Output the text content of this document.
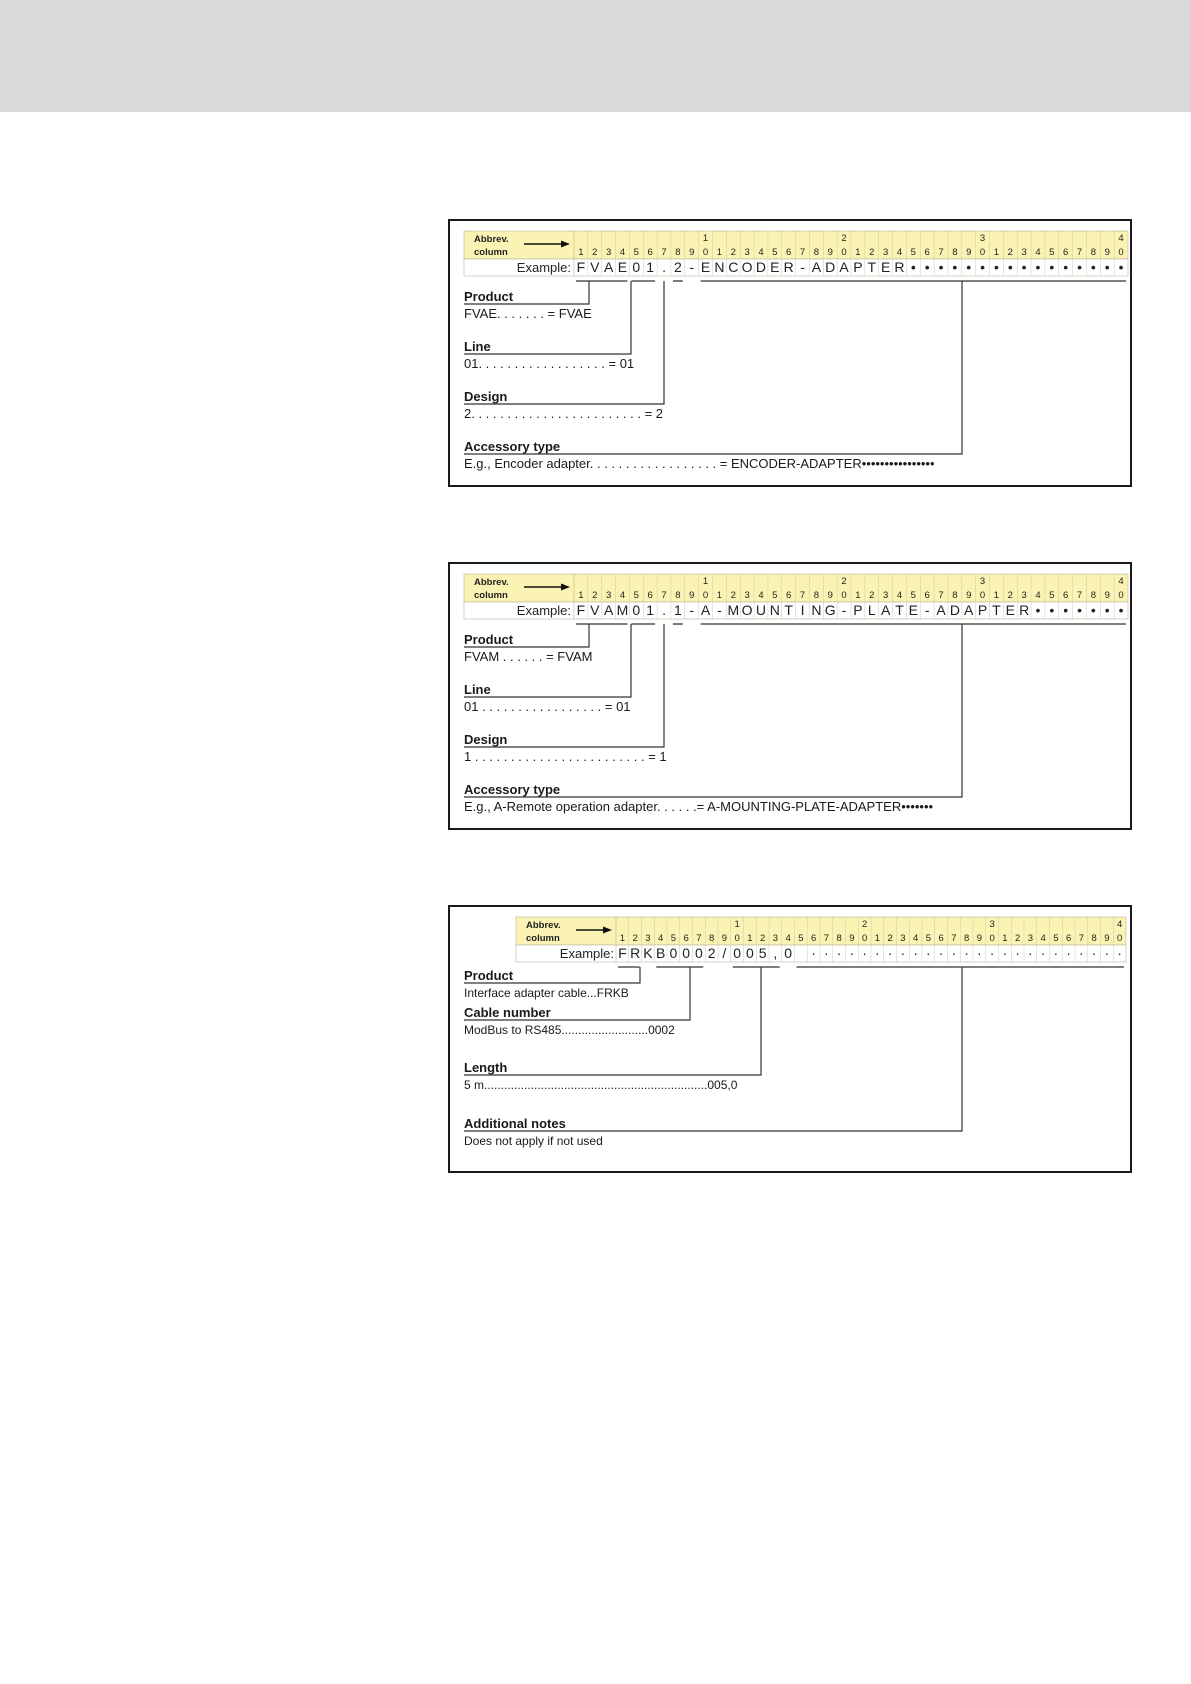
Abbrev.
column
1	2	3	4
1 2 3 4 5 6 7 8 9 0 1 2 3 4 5 6 7 8 9 0 1 2 3 4 5 6 7 8 9 0 1 2 3 4 5 6 7 8 9 0
Example: F V A E 0 1 . 2 - E N C O D E R - A D A P T E R • • • • • • • • • • • • • • • •
Product
FVAE. . . . . . . = FVAE
Line
01. . . . . . . . . . . . . . . . . . = 01
Design
2. . . . . . . . . . . . . . . . . . . . . . . . = 2
Accessory type
E.g., Encoder adapter. . . . . . . . . . . . . . . . . . = ENCODER-ADAPTER••••••••••••••••
Abbrev.
column
1	2	3	4
1 2 3 4 5 6 7 8 9 0 1 2 3 4 5 6 7 8 9 0 1 2 3 4 5 6 7 8 9 0 1 2 3 4 5 6 7 8 9 0
Example: F V A M 0 1 . 1 - A - M O U N T I N G - P L A T E - A D A P T E R • • • • • • •
Product
FVAM . . . . . . = FVAM
Line
01 . . . . . . . . . . . . . . . . . = 01
Design
1 . . . . . . . . . . . . . . . . . . . . . . . . = 1
Accessory type
E.g., A-Remote operation adapter. . . . . .= A-MOUNTING-PLATE-ADAPTER•••••••
Abbrev.
column
1	2	3	4
1 2 3 4 5 6 7 8 9 0 1 2 3 4 5 6 7 8 9 0 1 2 3 4 5 6 7 8 9 0 1 2 3 4 5 6 7 8 9 0
Example: F R K B 0 0 0 2 / 0 0 5 , 0 · · · · · · · · · · · · · · · · · · · · · · · · ·
Product
Interface adapter cable...FRKB
Cable number
ModBus to RS485..........................0002
Length
5 m...................................................................005,0
Additional notes
Does not apply if not used
